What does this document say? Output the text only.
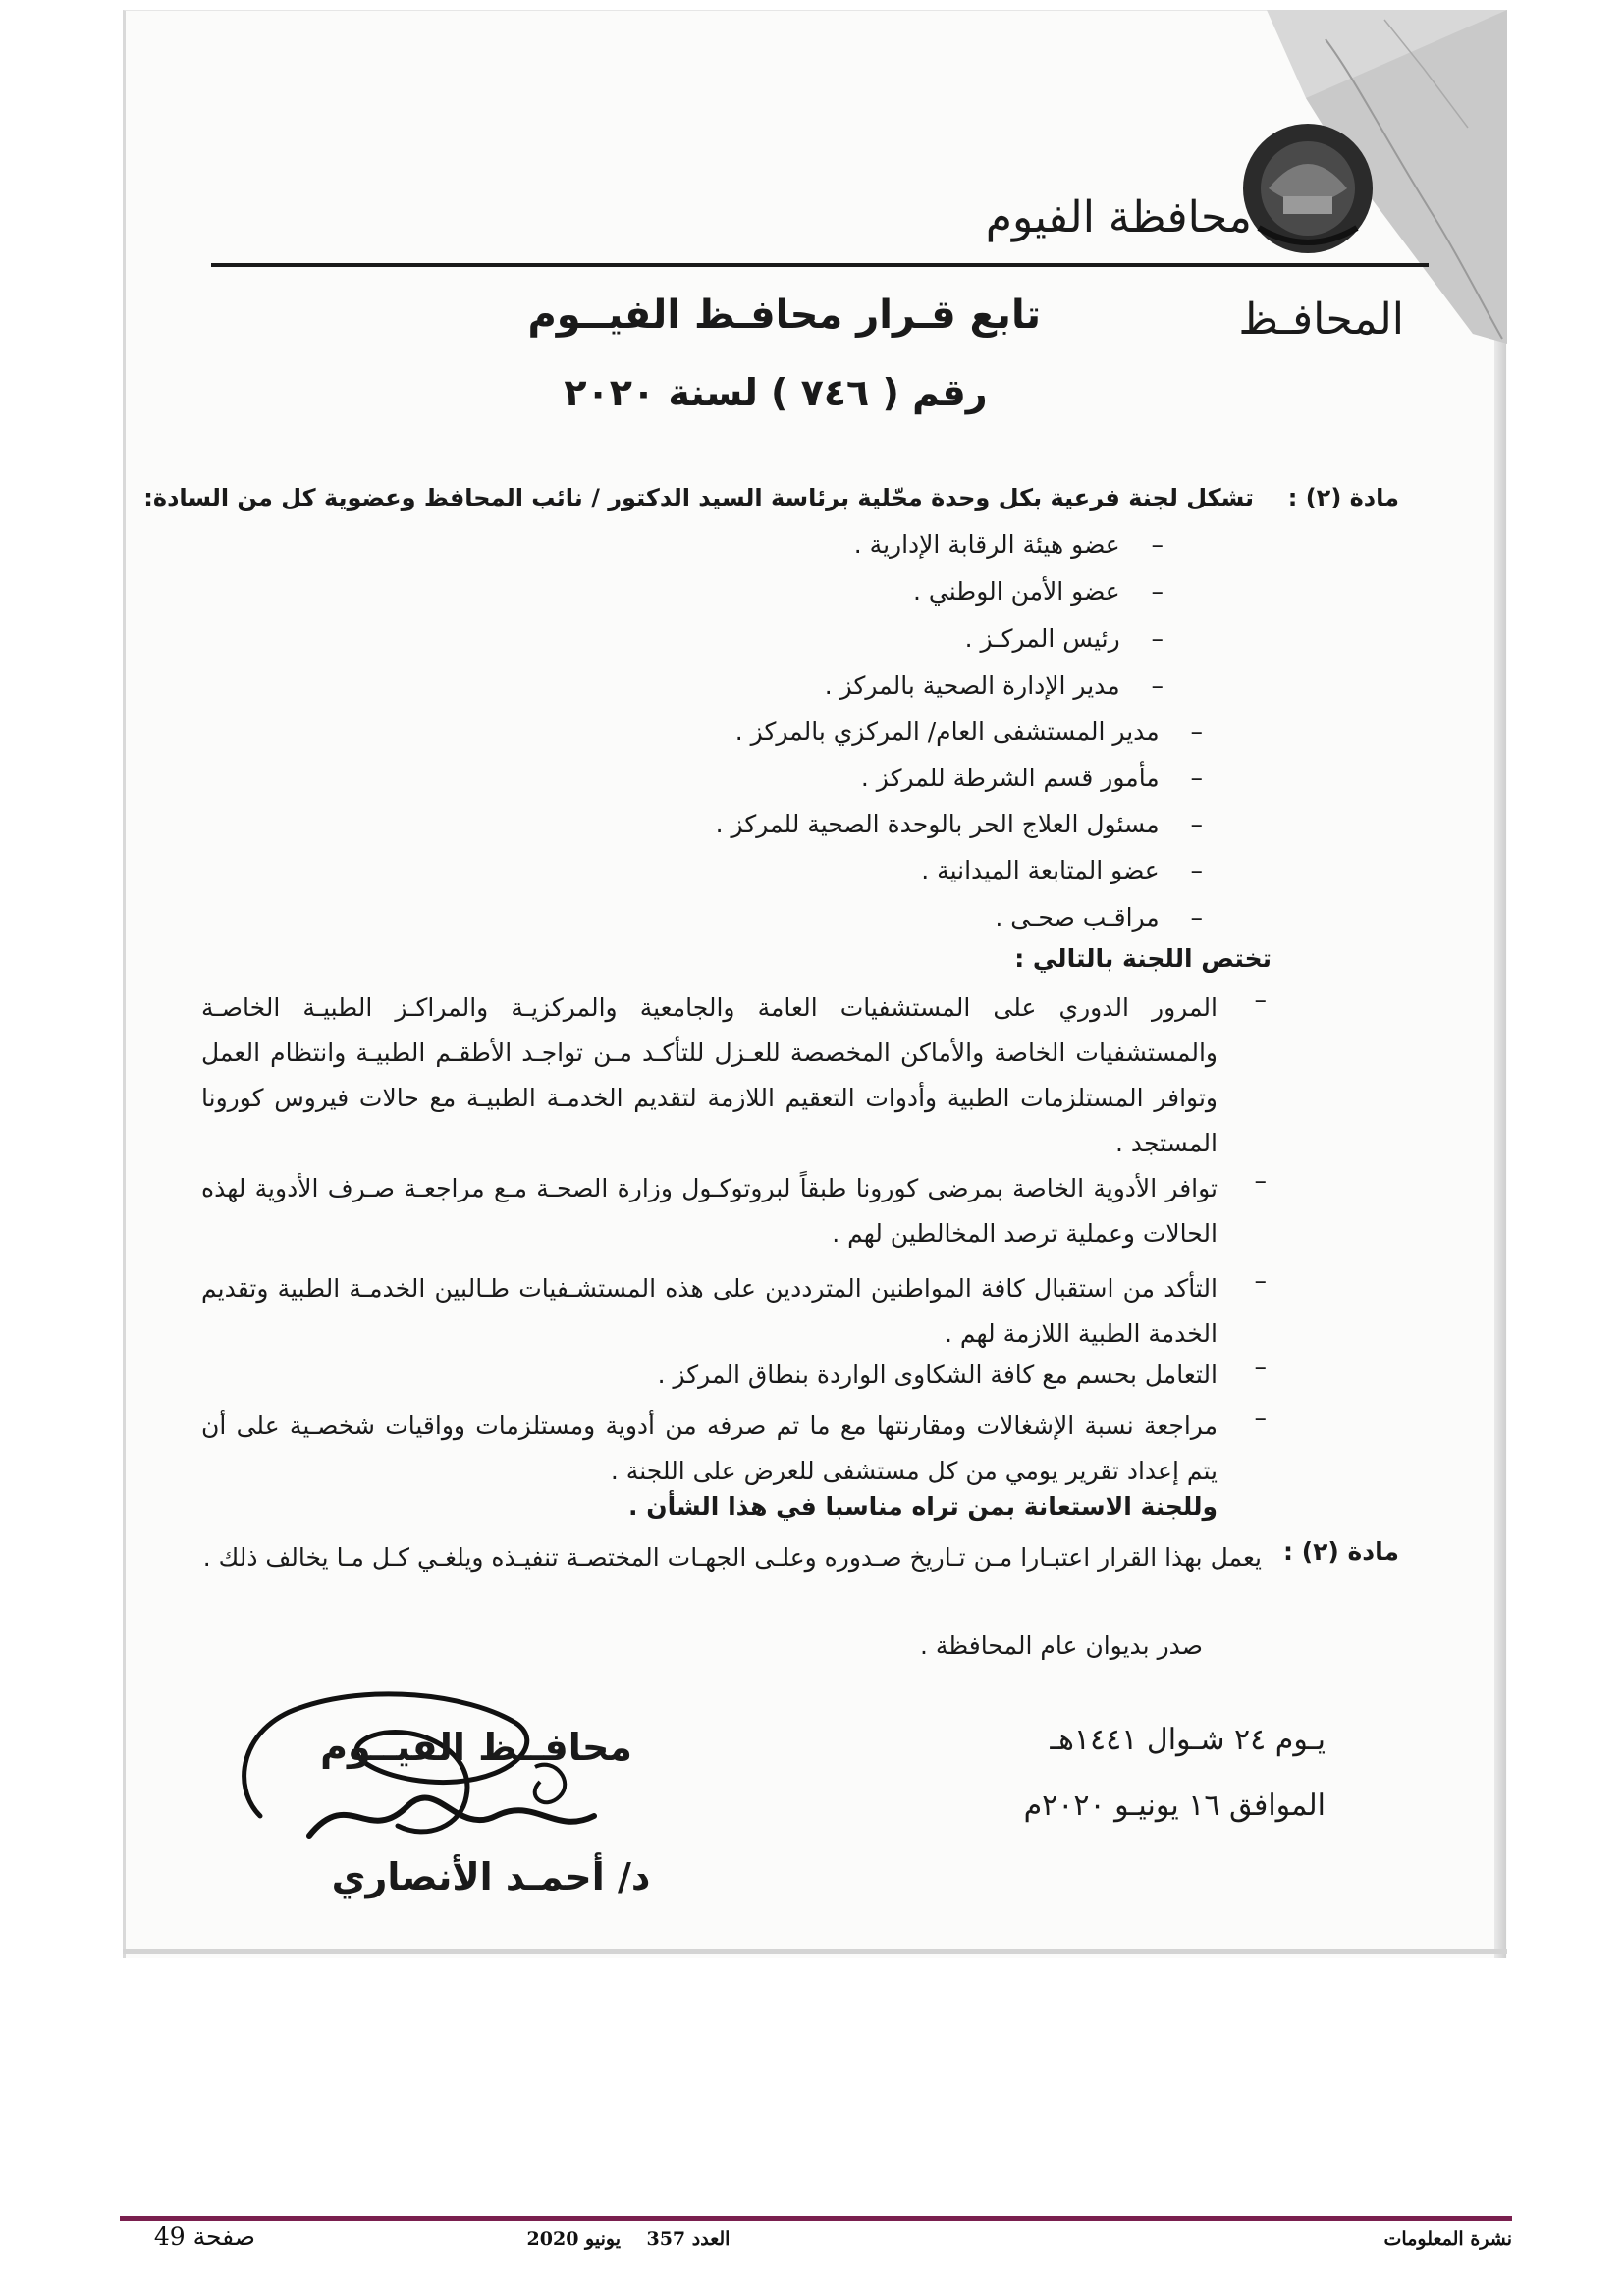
محافظة الفيوم
المحافـظ
تابع قـرار محافـظ الفيــوم
رقم ( ٧٤٦ ) لسنة ٢٠٢٠
مادة (٢) :  تشكل لجنة فرعية بكل وحدة محّلية برئاسة السيد الدكتور / نائب المحافظ وعضوية كل من السادة:
–    عضو هيئة الرقابة الإدارية .
–    عضو الأمن الوطني .
–    رئيس المركـز .
–    مدير الإدارة الصحية بالمركز .
–    مدير المستشفى العام/ المركزي بالمركز .
–    مأمور قسم الشرطة للمركز .
–    مسئول العلاج الحر بالوحدة الصحية للمركز .
–    عضو المتابعة الميدانية .
–    مراقـب صحـى .
تختص اللجنة بالتالي :
–
المرور الدوري على المستشفيات العامة والجامعية والمركزيـة والمراكـز الطبيـة الخاصـة والمستشفيات الخاصة والأماكن المخصصة للعـزل للتأكـد مـن تواجـد الأطقـم الطبيـة وانتظام العمل وتوافر المستلزمات الطبية وأدوات التعقيم اللازمة لتقديم الخدمـة الطبيـة مع حالات فيروس كورونا المستجد .
–
توافر الأدوية الخاصة بمرضى كورونا طبقاً لبروتوكـول وزارة الصحـة مـع مراجعـة صـرف الأدوية لهذه الحالات وعملية ترصد المخالطين لهم .
–
التأكد من استقبال كافة المواطنين المترددين على هذه المستشـفيات طـالبين الخدمـة الطبية وتقديم الخدمة الطبية اللازمة لهم .
–
التعامل بحسم مع كافة الشكاوى الواردة بنطاق المركز .
–
مراجعة نسبة الإشغالات ومقارنتها مع ما تم صرفه من أدوية ومستلزمات وواقيات شخصـية على أن يتم إعداد تقرير يومي من كل مستشفى للعرض على اللجنة .
وللجنة الاستعانة بمن تراه مناسبا في هذا الشأن .
مادة (٢) :
يعمل بهذا القرار اعتبـارا مـن تـاريخ صـدوره وعلـى الجهـات المختصـة تنفيـذه ويلغـي كـل مـا يخالف ذلك .
صدر بديوان عام المحافظة .
يـوم ٢٤ شـوال ١٤٤١هـ
الموافق ١٦ يونيـو ٢٠٢٠م
محافــظ الفيــوم
د/ أحمـد الأنصاري
نشرة المعلومات
العدد 357    يونيو 2020
صفحة 49
